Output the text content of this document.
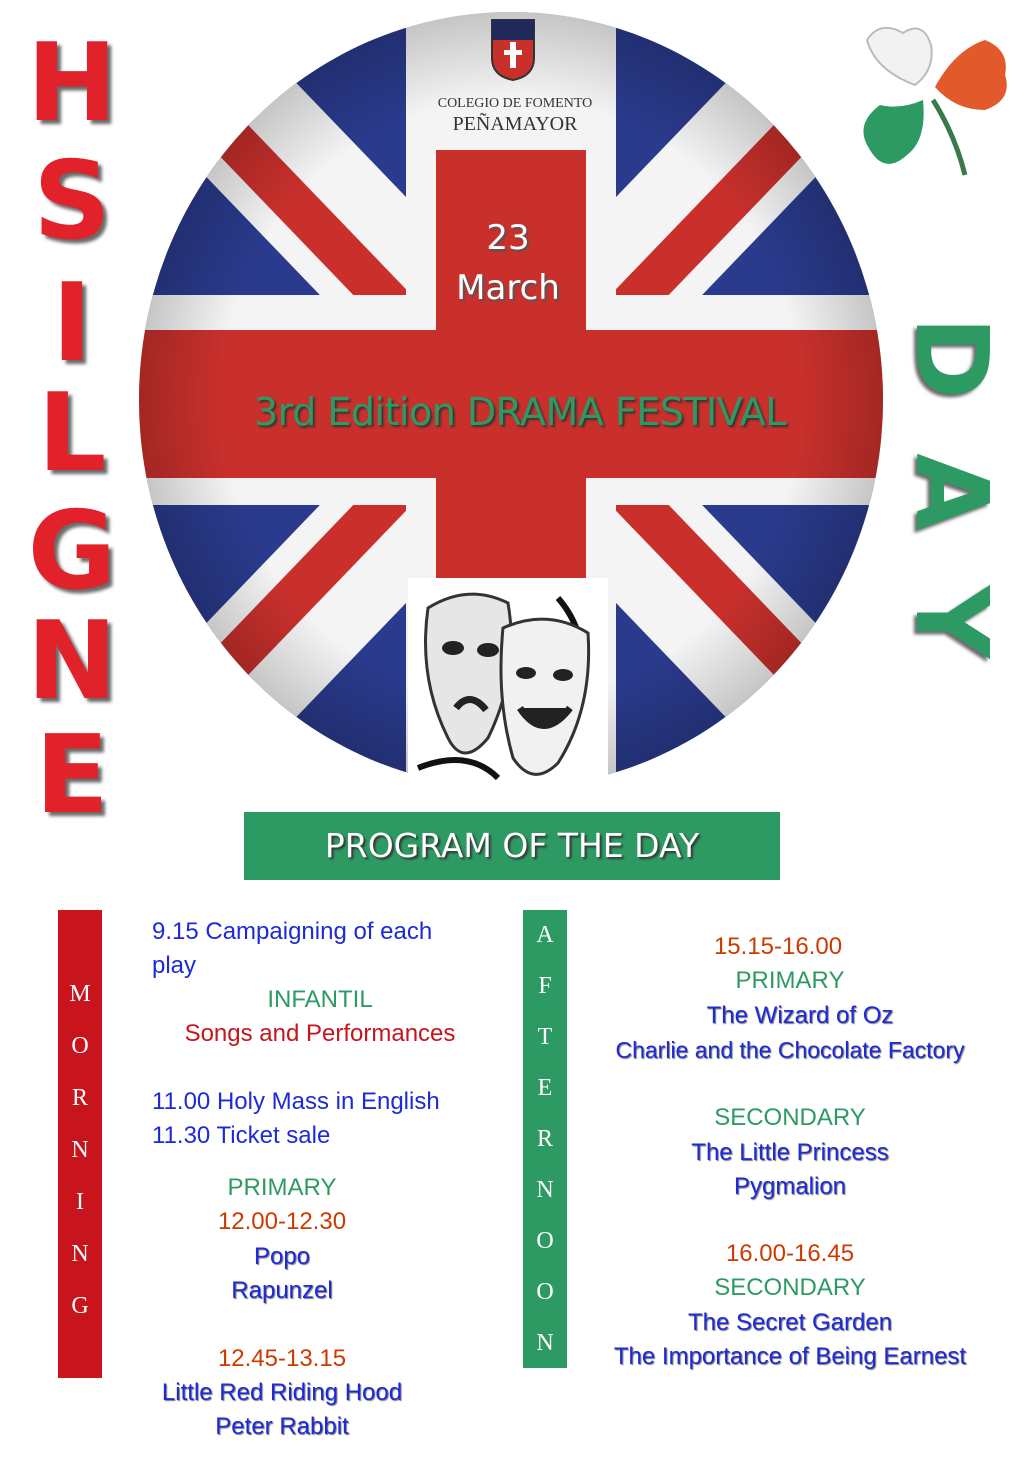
H
S
I
L
G
N
E
COLEGIO DE FOMENTO
PEÑAMAYOR
23
March
3rd Edition DRAMA FESTIVAL
D
A
Y
PROGRAM OF THE DAY
M
O
R
N
I
N
G
9.15 Campaigning of each
play
INFANTIL
Songs and Performances
11.00 Holy Mass in English
11.30 Ticket sale
PRIMARY
12.00-12.30
Popo
Rapunzel
12.45-13.15
Little Red Riding Hood
Peter Rabbit
A
F
T
E
R
N
O
O
N
15.15-16.00
PRIMARY
The Wizard of Oz
Charlie and the Chocolate Factory
SECONDARY
The Little Princess
Pygmalion
16.00-16.45
SECONDARY
The Secret Garden
The Importance of Being Earnest
